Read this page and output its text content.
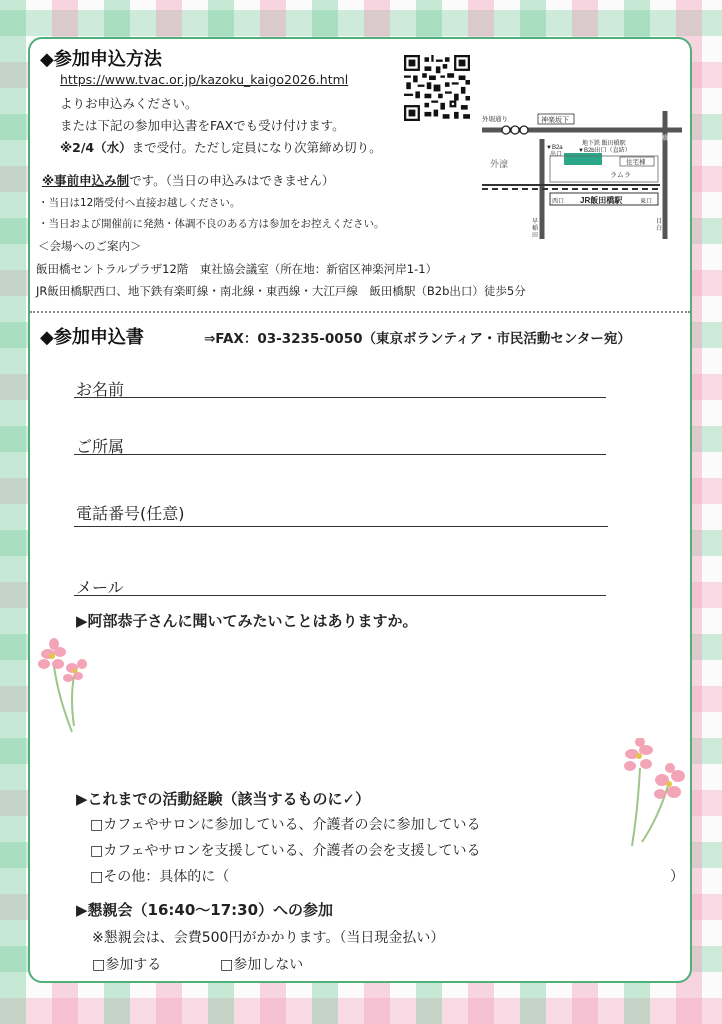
◆参加申込方法
https://www.tvac.or.jp/kazoku_kaigo2026.html
よりお申込みください。
または下記の参加申込書をFAXでも受け付けます。
※2/4（水）まで受付。ただし定員になり次第締め切り。
外堀通り	神楽坂下
至市ケ谷	至水道橋
▼B2a
出口
地下鉄 飯田橋駅
▼B2b出口（直結）
住宅棟
ラムラ
外濠
JR飯田橋駅
西口	東口
早
稲
田
目
白
※事前申込み制です。（当日の申込みはできません）
・当日は12階受付へ直接お越しください。
・当日および開催前に発熱・体調不良のある方は参加をお控えください。
＜会場へのご案内＞
飯田橋セントラルプラザ12階　東社協会議室（所在地：新宿区神楽河岸1-1）
JR飯田橋駅西口、地下鉄有楽町線・南北線・東西線・大江戸線　飯田橋駅（B2b出口）徒歩5分
◆参加申込書	⇒FAX：03-3235-0050（東京ボランティア・市民活動センター宛）
お名前
ご所属
電話番号(任意)
メール
▶阿部恭子さんに聞いてみたいことはありますか。
▶これまでの活動経験（該当するものに✓）
□カフェやサロンに参加している、介護者の会に参加している
□カフェやサロンを支援している、介護者の会を支援している
□その他：具体的に（	）
▶懇親会（16:40〜17:30）への参加
※懇親会は、会費500円がかかります。（当日現金払い）
□参加する	□参加しない
